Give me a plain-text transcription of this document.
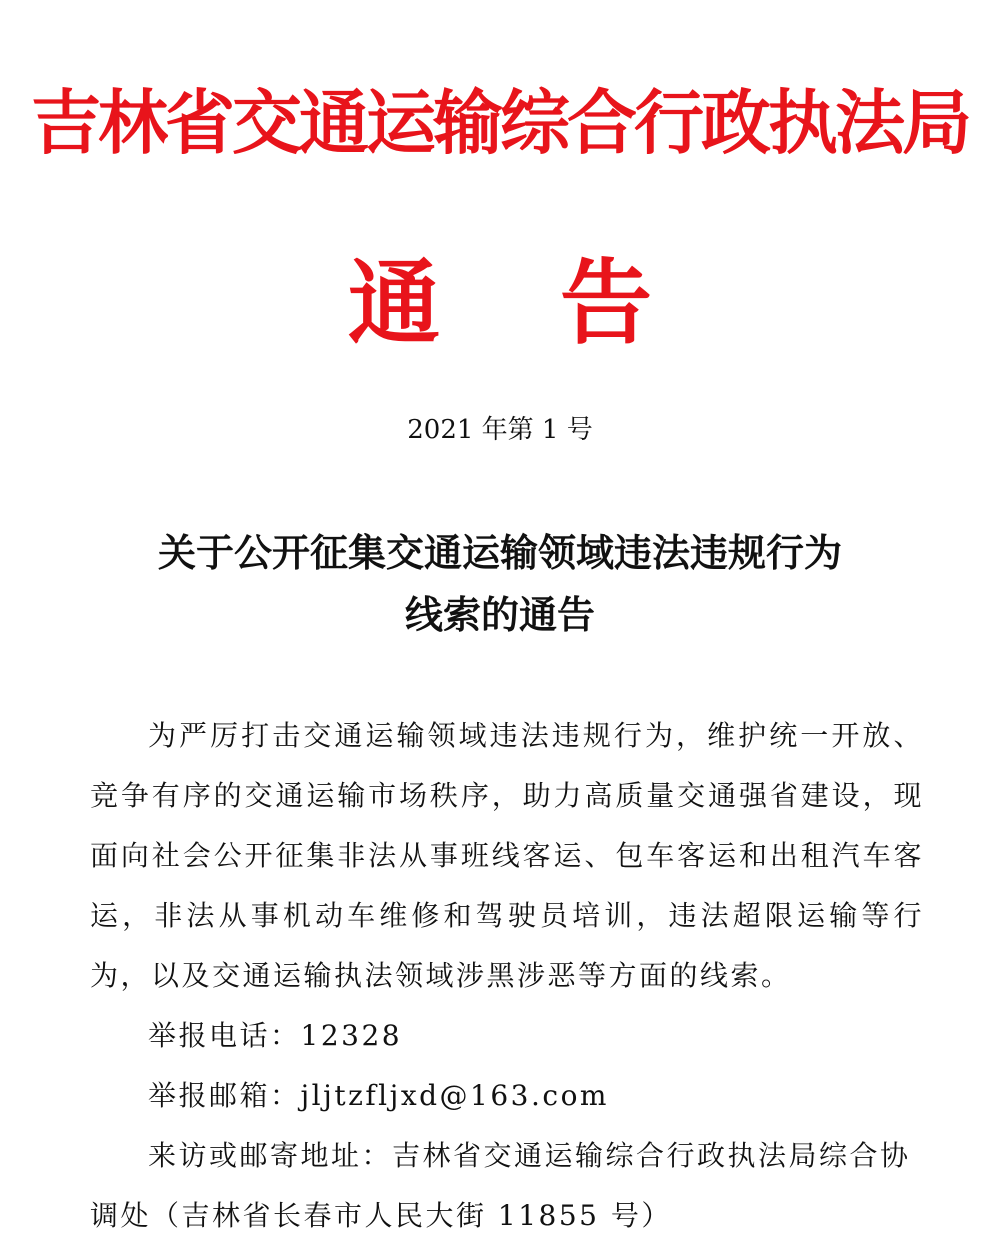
吉林省交通运输综合行政执法局
通告
2021 年第 1 号
关于公开征集交通运输领域违法违规行为
线索的通告

为严厉打击交通运输领域违法违规行为，维护统一开放、竞争有序的交通运输市场秩序，助力高质量交通强省建设，现面向社会公开征集非法从事班线客运、包车客运和出租汽车客运，非法从事机动车维修和驾驶员培训，违法超限运输等行为，以及交通运输执法领域涉黑涉恶等方面的线索。

举报电话：12328

举报邮箱：jljtzfljxd@163.com

来访或邮寄地址：吉林省交通运输综合行政执法局综合协调处（吉林省长春市人民大街 11855 号）
